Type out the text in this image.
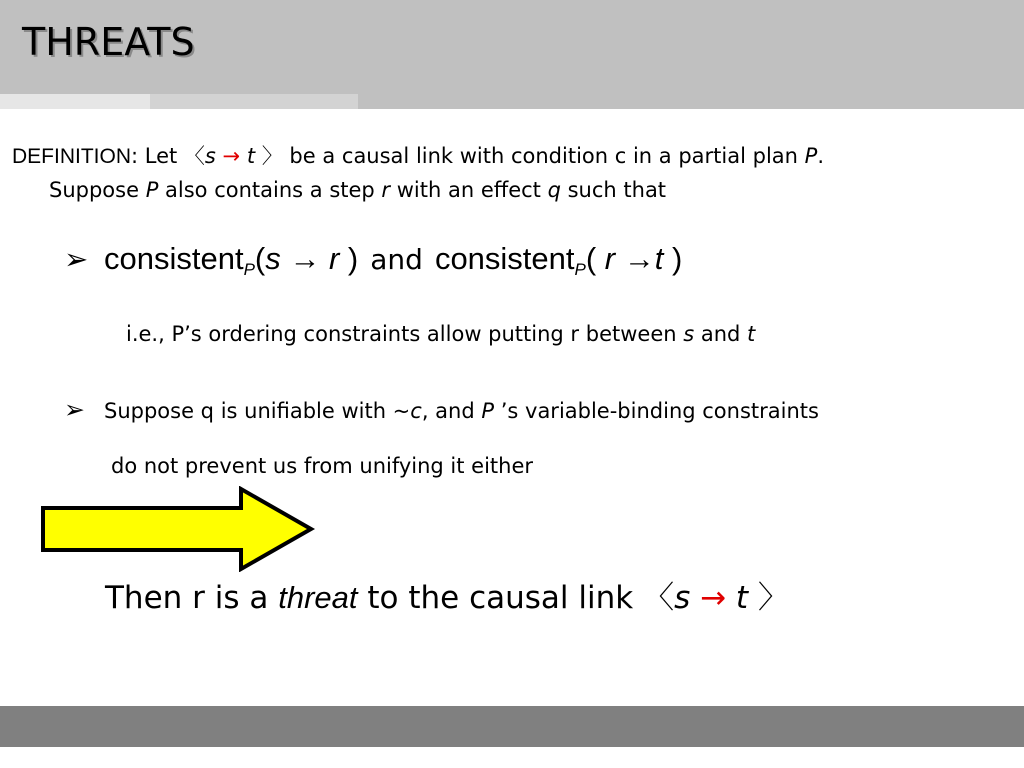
THREATS
DEFINITION: Let 〈s → t 〉 be a causal link with condition c in a partial plan P.
Suppose P also contains a step r with an effect q such that
➢ consistent$_P$(s → r ) and consistent$_P$( r →t )
i.e., P’s ordering constraints allow putting r between s and t
➢ Suppose q is unifiable with ~c, and P ’s variable-binding constraints
do not prevent us from unifying it either
Then r is a threat to the causal link 〈s → t 〉
